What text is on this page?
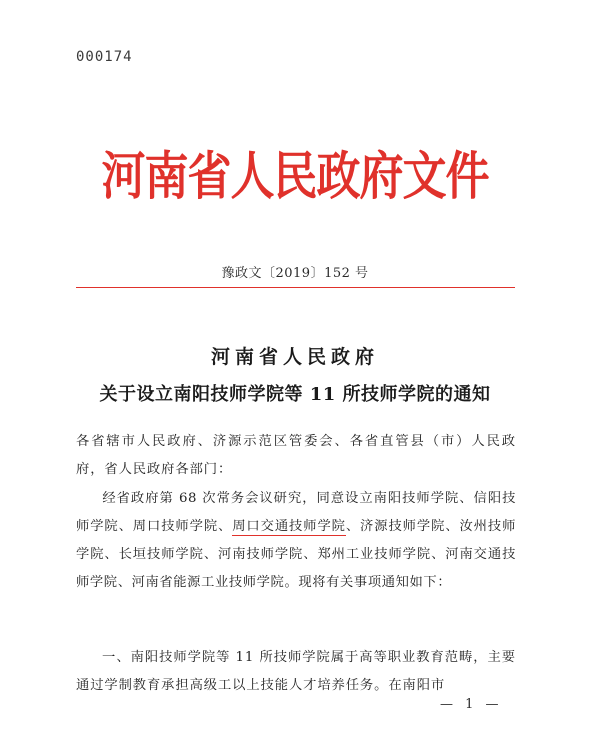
000174
河南省人民政府文件
豫政文〔2019〕152 号
河南省人民政府
关于设立南阳技师学院等 11 所技师学院的通知
各省辖市人民政府、济源示范区管委会、各省直管县（市）人民政府，省人民政府各部门：
经省政府第 68 次常务会议研究，同意设立南阳技师学院、信阳技师学院、周口技师学院、周口交通技师学院、济源技师学院、汝州技师学院、长垣技师学院、河南技师学院、郑州工业技师学院、河南交通技师学院、河南省能源工业技师学院。现将有关事项通知如下：
一、南阳技师学院等 11 所技师学院属于高等职业教育范畴，主要通过学制教育承担高级工以上技能人才培养任务。在南阳市
— 1 —
